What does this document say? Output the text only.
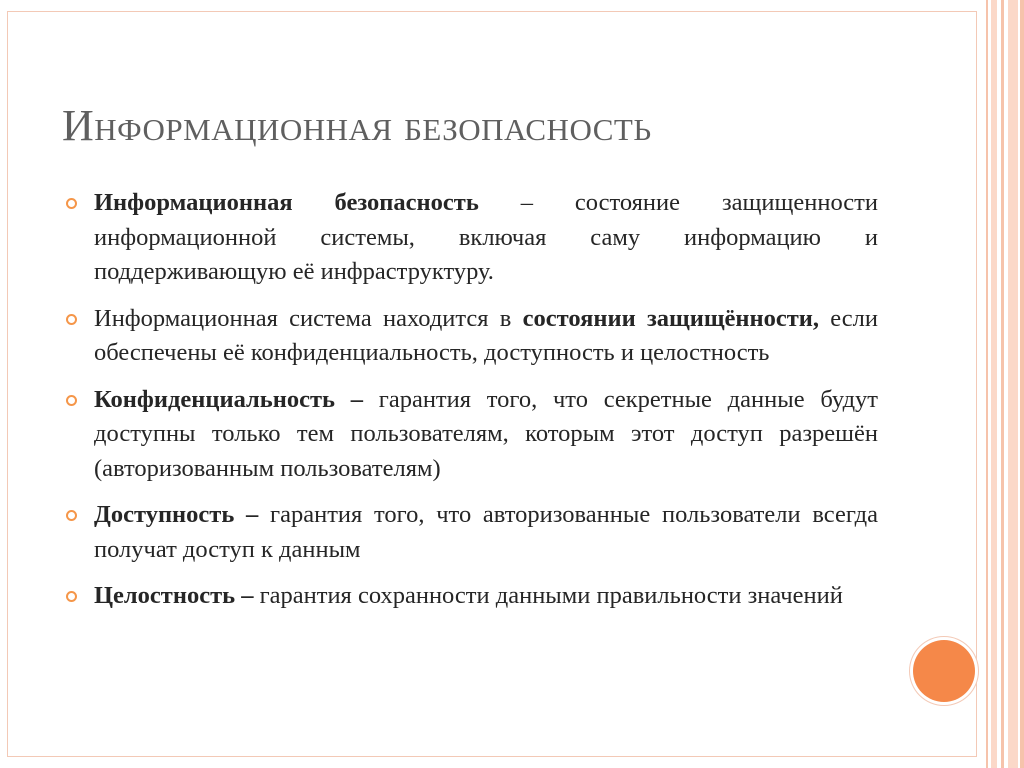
Информационная безопасность
Информационная безопасность – состояние защищенности информационной системы, включая саму информацию и поддерживающую её инфраструктуру.
Информационная система находится в состоянии защищённости, если обеспечены её конфиденциальность, доступность и целостность
Конфиденциальность – гарантия того, что секретные данные будут доступны только тем пользователям, которым этот доступ разрешён (авторизованным пользователям)
Доступность – гарантия того, что авторизованные пользователи всегда получат доступ к данным
Целостность – гарантия сохранности данными правильности значений
